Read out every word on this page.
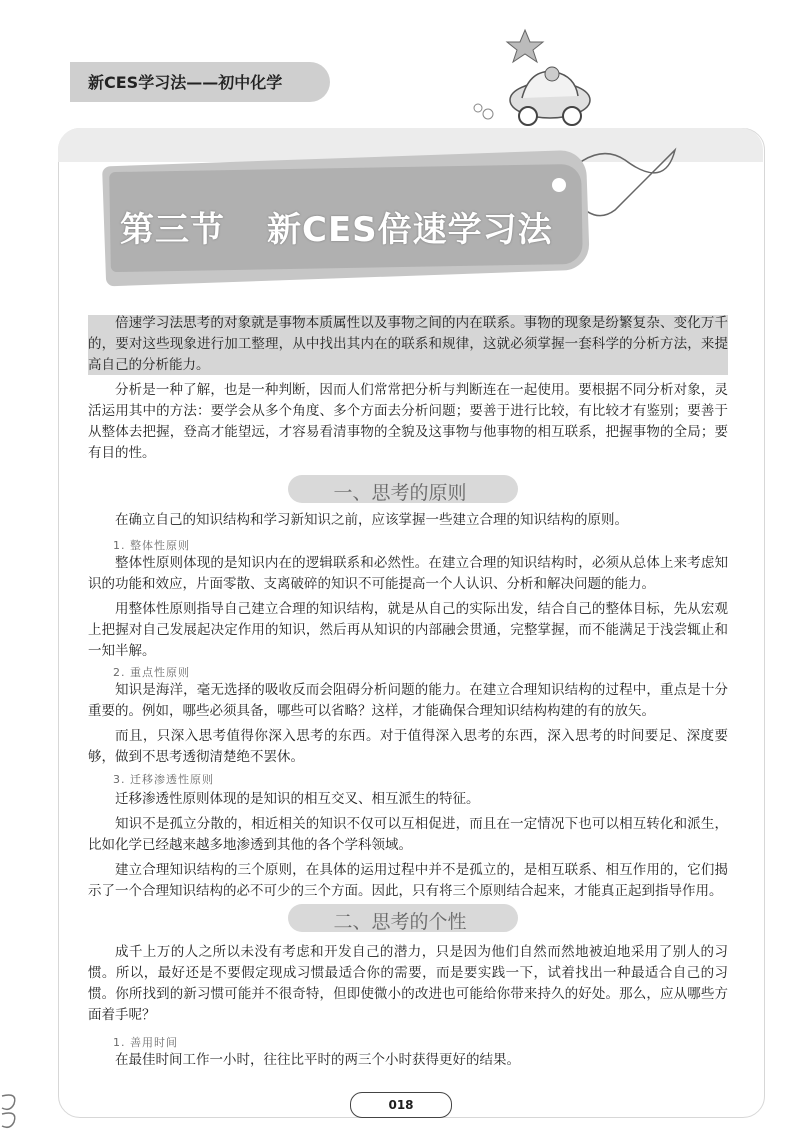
新CES学习法——初中化学
第三节 新CES倍速学习法

倍速学习法思考的对象就是事物本质属性以及事物之间的内在联系。事物的现象是纷繁复杂、变化万千的，要对这些现象进行加工整理，从中找出其内在的联系和规律，这就必须掌握一套科学的分析方法，来提高自己的分析能力。

分析是一种了解，也是一种判断，因而人们常常把分析与判断连在一起使用。要根据不同分析对象，灵活运用其中的方法：要学会从多个角度、多个方面去分析问题；要善于进行比较，有比较才有鉴别；要善于从整体去把握，登高才能望远，才容易看清事物的全貌及这事物与他事物的相互联系，把握事物的全局；要有目的性。

一、思考的原则

在确立自己的知识结构和学习新知识之前，应该掌握一些建立合理的知识结构的原则。

1. 整体性原则

整体性原则体现的是知识内在的逻辑联系和必然性。在建立合理的知识结构时，必须从总体上来考虑知识的功能和效应，片面零散、支离破碎的知识不可能提高一个人认识、分析和解决问题的能力。

用整体性原则指导自己建立合理的知识结构，就是从自己的实际出发，结合自己的整体目标，先从宏观上把握对自己发展起决定作用的知识，然后再从知识的内部融会贯通，完整掌握，而不能满足于浅尝辄止和一知半解。

2. 重点性原则

知识是海洋，毫无选择的吸收反而会阻碍分析问题的能力。在建立合理知识结构的过程中，重点是十分重要的。例如，哪些必须具备，哪些可以省略？这样，才能确保合理知识结构构建的有的放矢。

而且，只深入思考值得你深入思考的东西。对于值得深入思考的东西，深入思考的时间要足、深度要够，做到不思考透彻清楚绝不罢休。

3. 迁移渗透性原则

迁移渗透性原则体现的是知识的相互交叉、相互派生的特征。

知识不是孤立分散的，相近相关的知识不仅可以互相促进，而且在一定情况下也可以相互转化和派生，比如化学已经越来越多地渗透到其他的各个学科领域。

建立合理知识结构的三个原则，在具体的运用过程中并不是孤立的，是相互联系、相互作用的，它们揭示了一个合理知识结构的必不可少的三个方面。因此，只有将三个原则结合起来，才能真正起到指导作用。

二、思考的个性

成千上万的人之所以未没有考虑和开发自己的潜力，只是因为他们自然而然地被迫地采用了别人的习惯。所以，最好还是不要假定现成习惯最适合你的需要，而是要实践一下，试着找出一种最适合自己的习惯。你所找到的新习惯可能并不很奇特，但即使微小的改进也可能给你带来持久的好处。那么，应从哪些方面着手呢？

1. 善用时间

在最佳时间工作一小时，往往比平时的两三个小时获得更好的结果。

018
